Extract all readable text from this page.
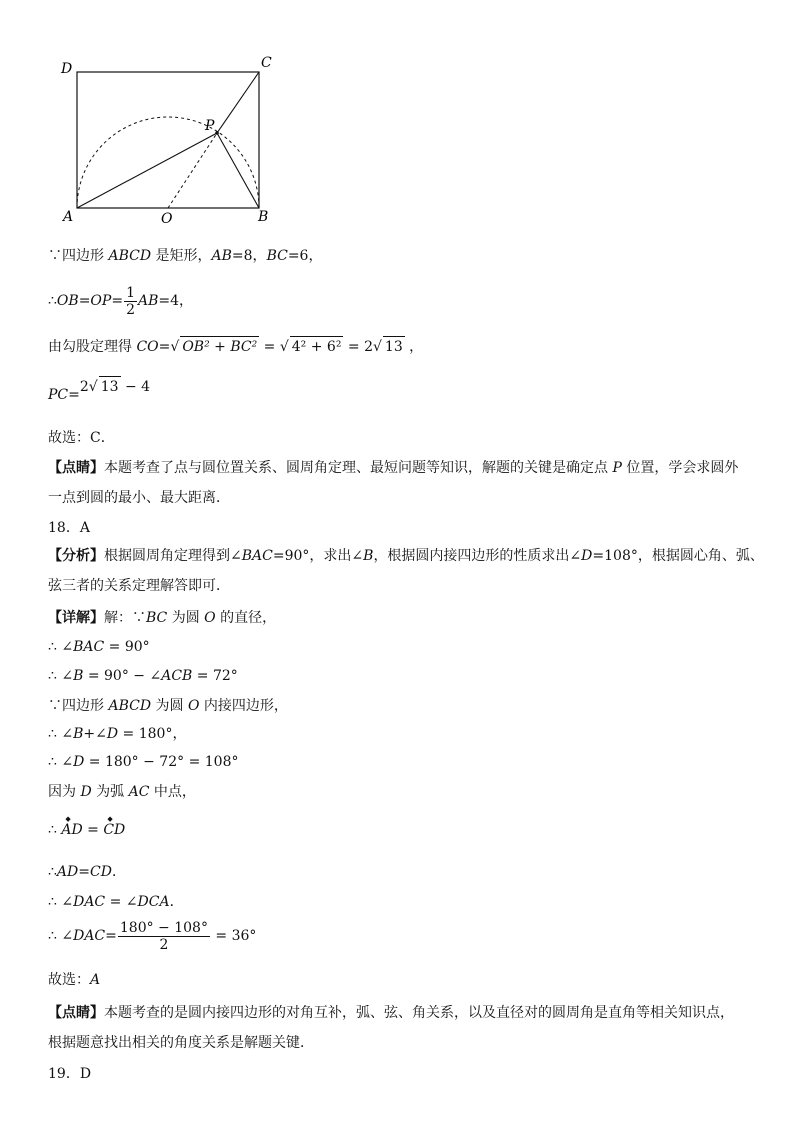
D	C
P
A	O	B
∵四边形 ABCD 是矩形，AB=8，BC=6，
∴OB=OP= $\frac{1}{2} AB=4$，
由勾股定理得 CO=√ OB² + BC² = √ 4² + 6² = 2√ 13 ，
PC=2√ 13 − 4
故选：C．
【点睛】本题考查了点与圆位置关系、圆周角定理、最短问题等知识，解题的关键是确定点 P 位置，学会求圆外
一点到圆的最小、最大距离．
18．A
【分析】根据圆周角定理得到∠BAC=90°，求出∠B，根据圆内接四边形的性质求出∠D=108°，根据圆心角、弧、
弦三者的关系定理解答即可．
【详解】解：∵BC 为圆 O 的直径，
∴ ∠BAC = 90°
∴ ∠B = 90° − ∠ACB = 72°
∵四边形 ABCD 为圆 O 内接四边形，
∴ ∠B+∠D = 180°，
∴ ∠D = 180° − 72° = 108°
因为 D 为弧 AC 中点，
∴ ◆ AD = ◆ CD
∴AD=CD．
∴ ∠DAC = ∠DCA．
∴ ∠DAC= $\frac{180^\circ - 108^\circ}{2} = 36^\circ$
故选：A
【点睛】本题考查的是圆内接四边形的对角互补，弧、弦、角关系，以及直径对的圆周角是直角等相关知识点，
根据题意找出相关的角度关系是解题关键．
19．D
